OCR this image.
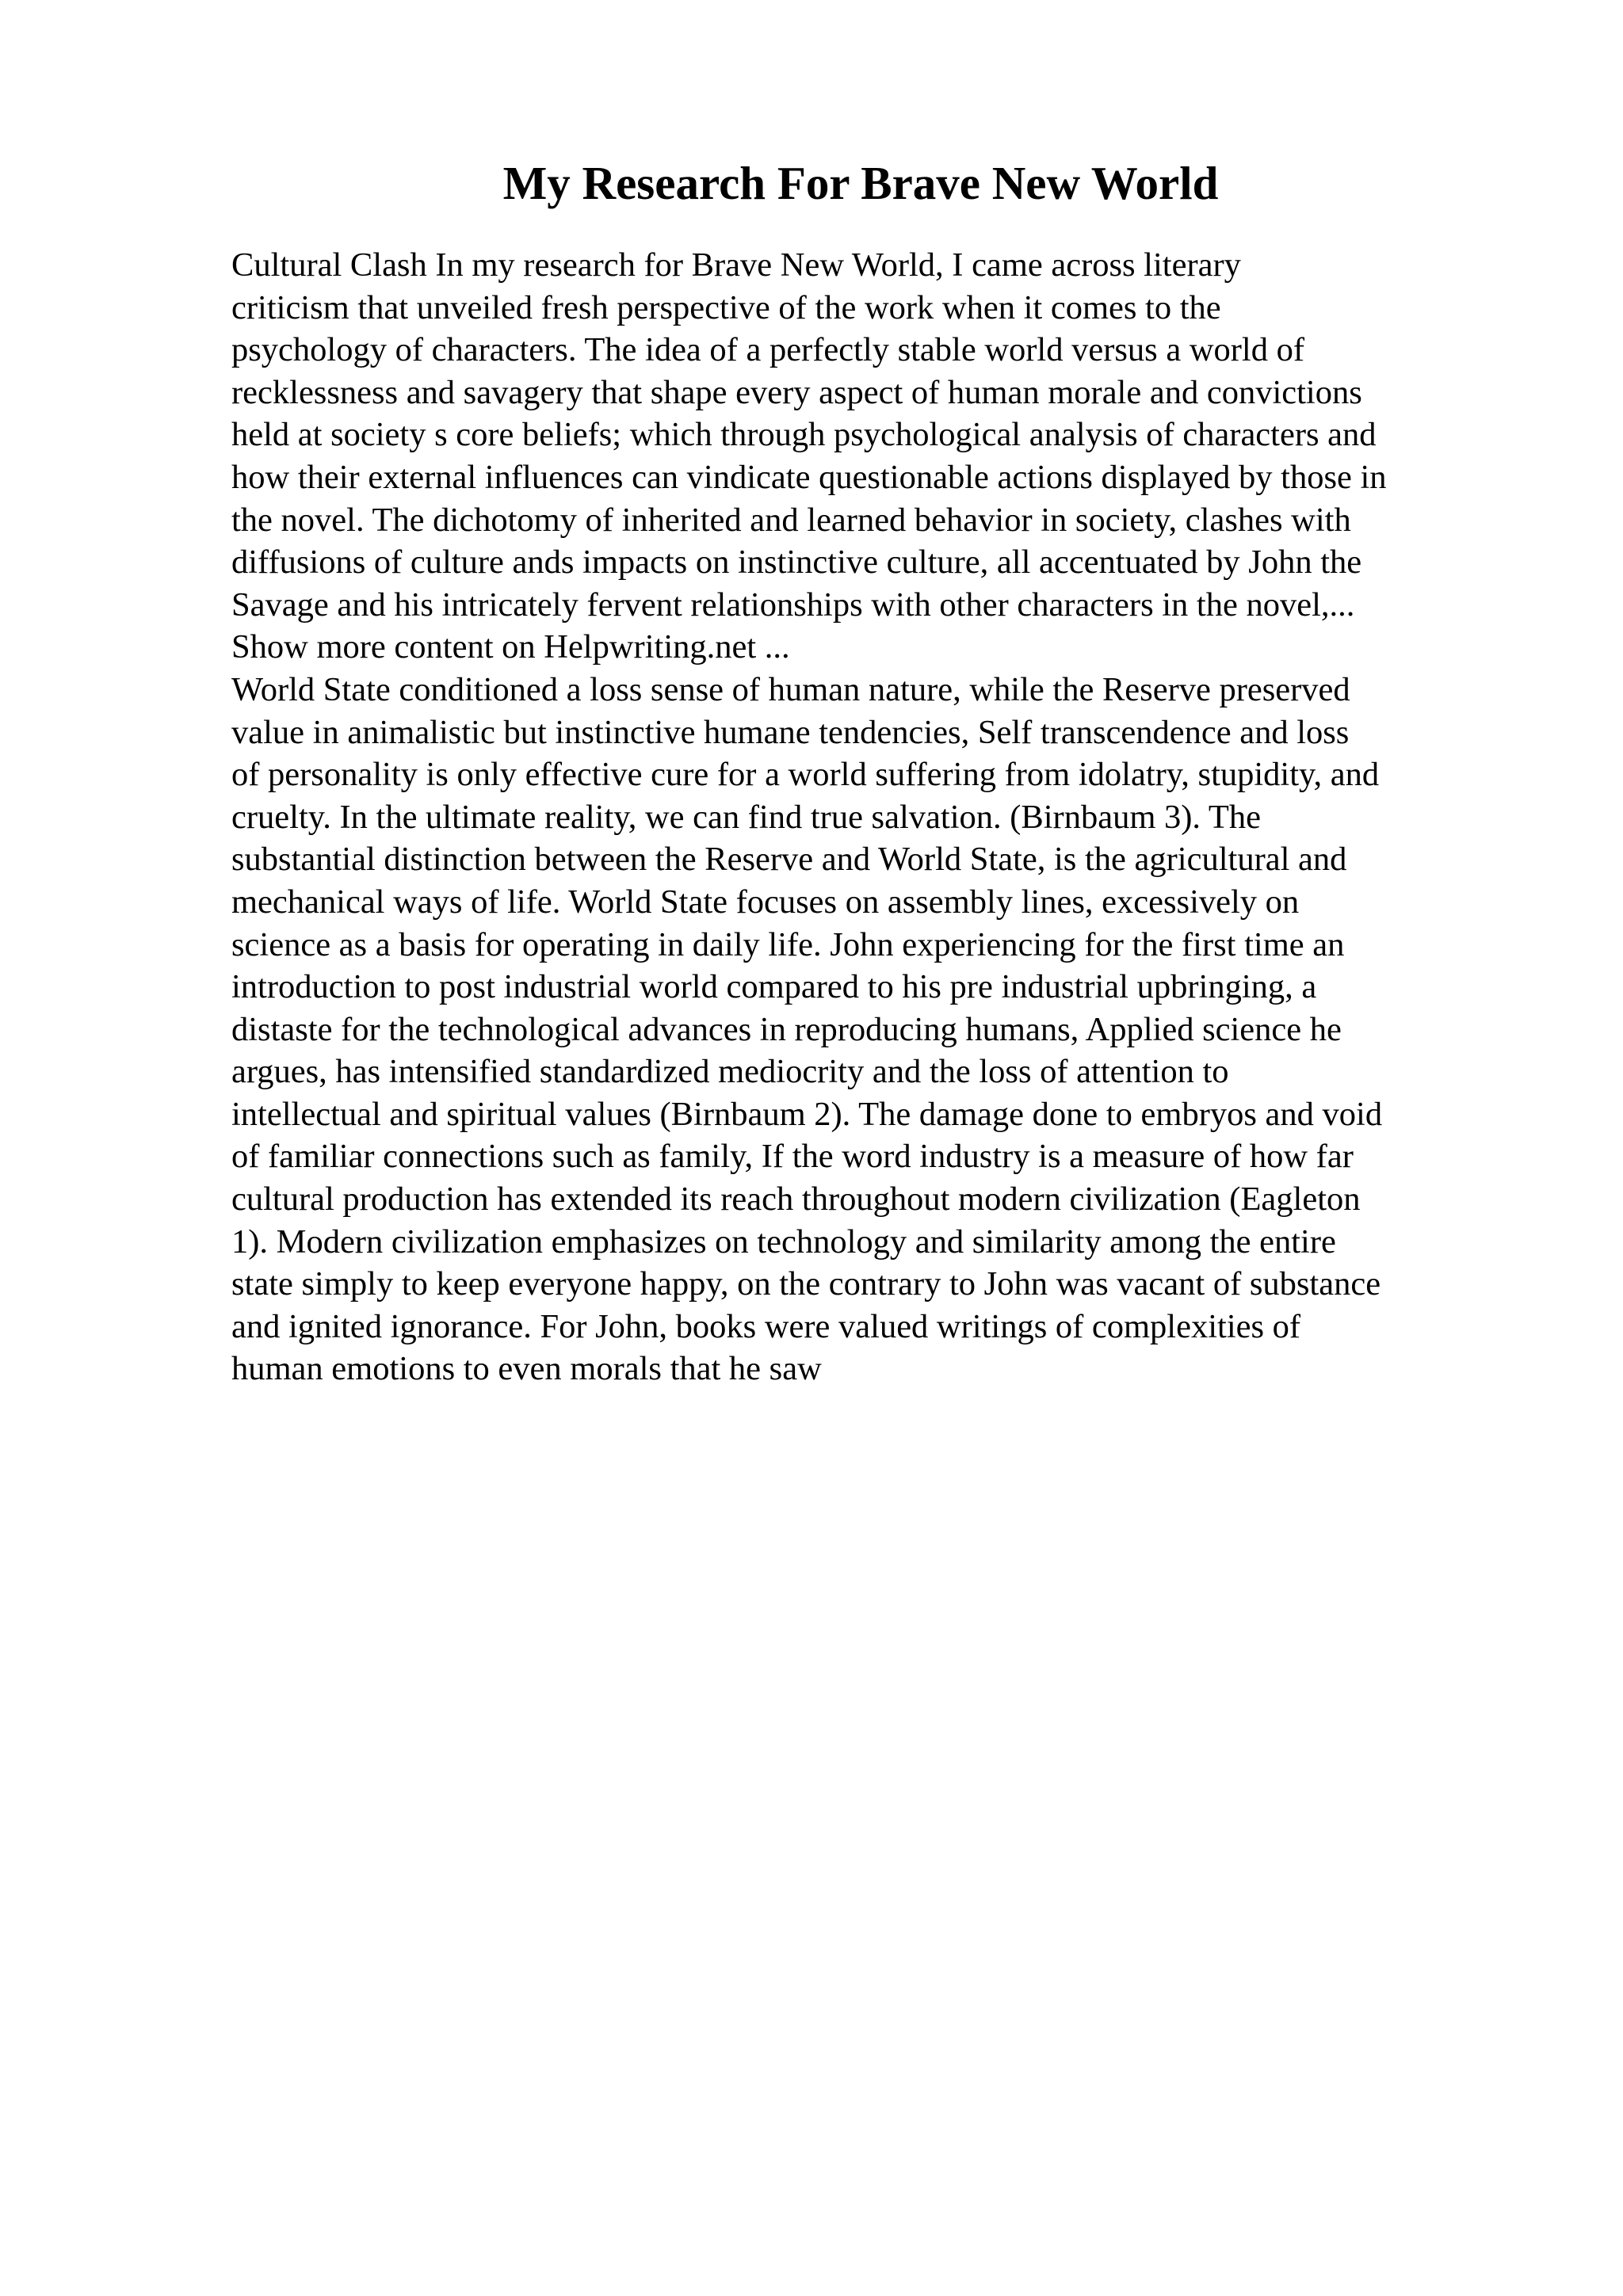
My Research For Brave New World

Cultural Clash In my research for Brave New World, I came across literary
criticism that unveiled fresh perspective of the work when it comes to the
psychology of characters. The idea of a perfectly stable world versus a world of
recklessness and savagery that shape every aspect of human morale and convictions
held at society s core beliefs; which through psychological analysis of characters and
how their external influences can vindicate questionable actions displayed by those in
the novel. The dichotomy of inherited and learned behavior in society, clashes with
diffusions of culture ands impacts on instinctive culture, all accentuated by John the
Savage and his intricately fervent relationships with other characters in the novel,...
Show more content on Helpwriting.net ...

World State conditioned a loss sense of human nature, while the Reserve preserved
value in animalistic but instinctive humane tendencies, Self transcendence and loss
of personality is only effective cure for a world suffering from idolatry, stupidity, and
cruelty. In the ultimate reality, we can find true salvation. (Birnbaum 3). The
substantial distinction between the Reserve and World State, is the agricultural and
mechanical ways of life. World State focuses on assembly lines, excessively on
science as a basis for operating in daily life. John experiencing for the first time an
introduction to post industrial world compared to his pre industrial upbringing, a
distaste for the technological advances in reproducing humans, Applied science he
argues, has intensified standardized mediocrity and the loss of attention to
intellectual and spiritual values (Birnbaum 2). The damage done to embryos and void
of familiar connections such as family, If the word industry is a measure of how far
cultural production has extended its reach throughout modern civilization (Eagleton
1). Modern civilization emphasizes on technology and similarity among the entire
state simply to keep everyone happy, on the contrary to John was vacant of substance
and ignited ignorance. For John, books were valued writings of complexities of
human emotions to even morals that he saw
